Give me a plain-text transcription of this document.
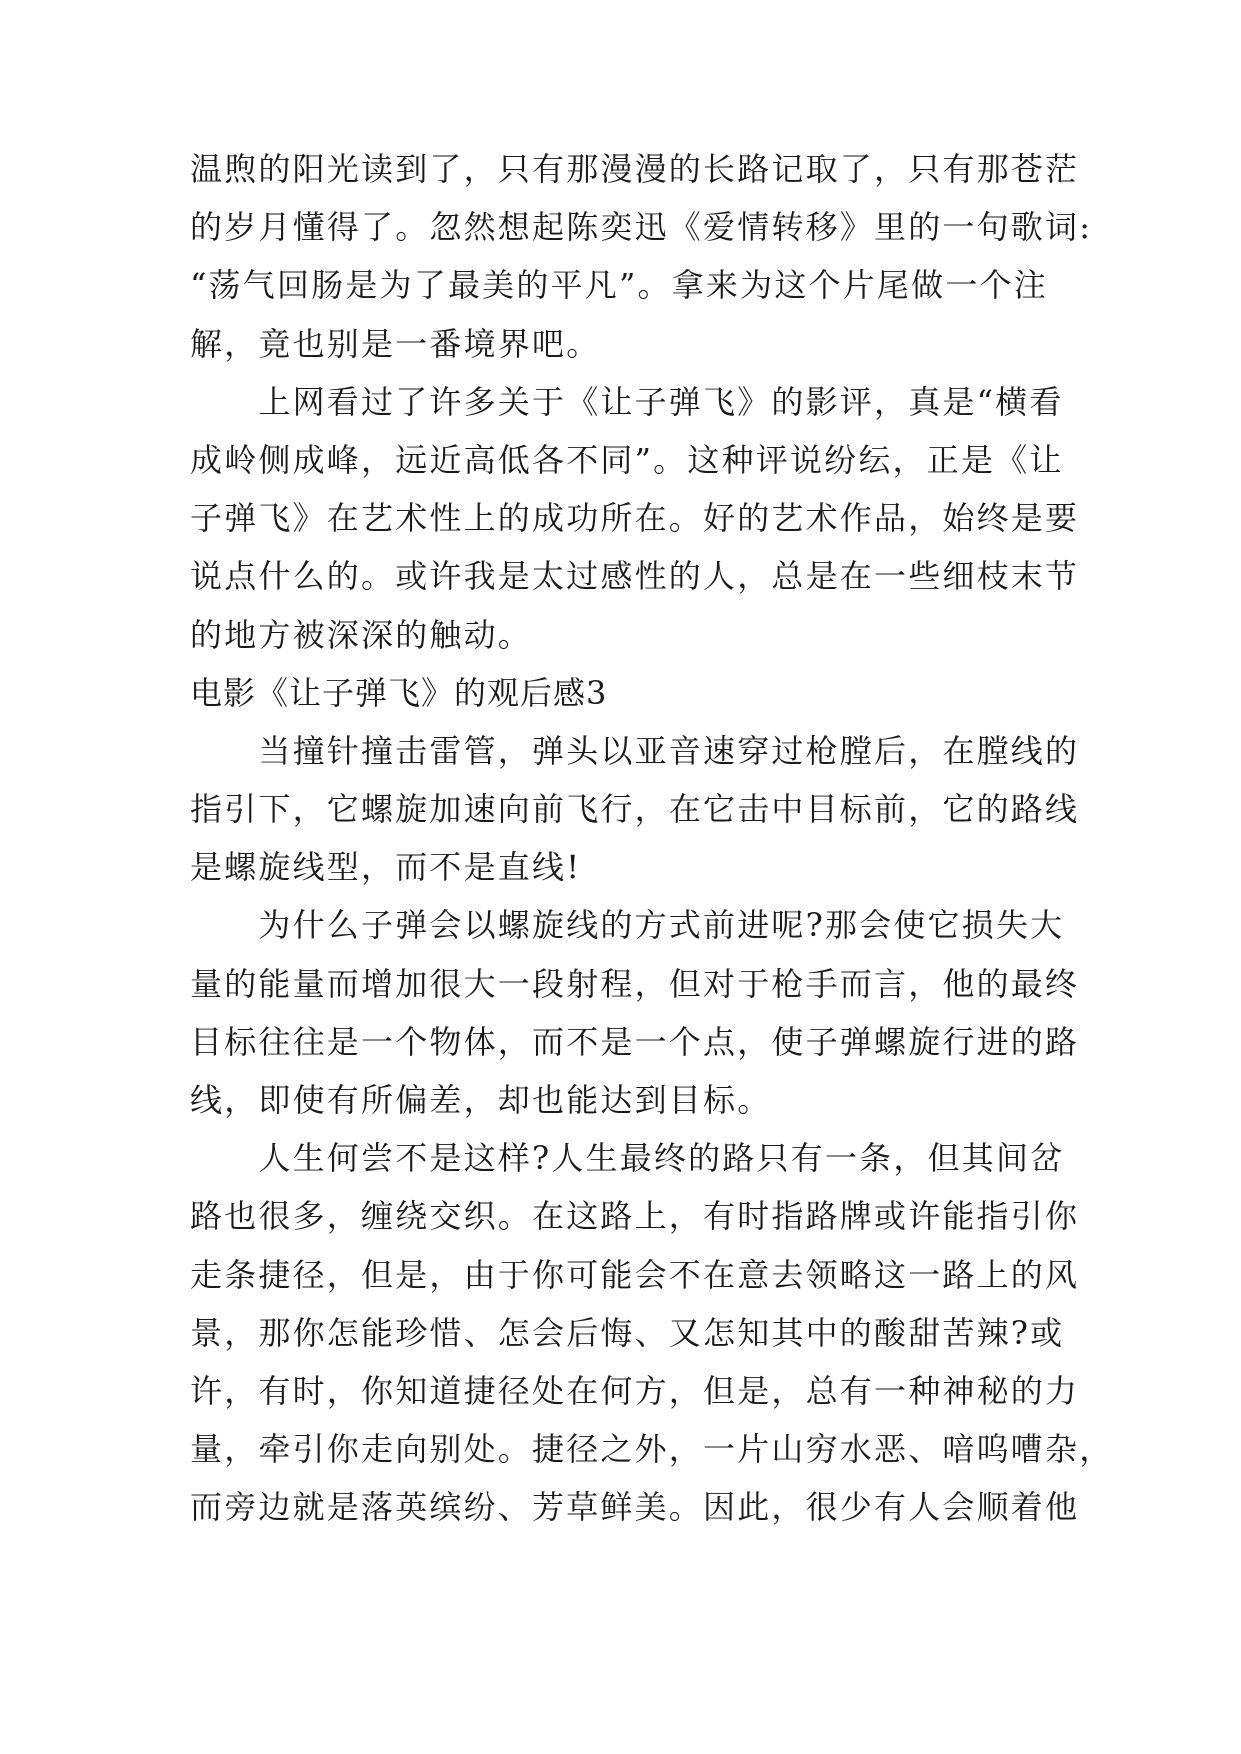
温煦的阳光读到了，只有那漫漫的长路记取了，只有那苍茫
的岁月懂得了。忽然想起陈奕迅《爱情转移》里的一句歌词:
“荡气回肠是为了最美的平凡”。拿来为这个片尾做一个注
解，竟也别是一番境界吧。
　　上网看过了许多关于《让子弹飞》的影评，真是“横看
成岭侧成峰，远近高低各不同”。这种评说纷纭，正是《让
子弹飞》在艺术性上的成功所在。好的艺术作品，始终是要
说点什么的。或许我是太过感性的人，总是在一些细枝末节
的地方被深深的触动。
电影《让子弹飞》的观后感3
　　当撞针撞击雷管，弹头以亚音速穿过枪膛后，在膛线的
指引下，它螺旋加速向前飞行，在它击中目标前，它的路线
是螺旋线型，而不是直线!
　　为什么子弹会以螺旋线的方式前进呢?那会使它损失大
量的能量而增加很大一段射程，但对于枪手而言，他的最终
目标往往是一个物体，而不是一个点，使子弹螺旋行进的路
线，即使有所偏差，却也能达到目标。
　　人生何尝不是这样?人生最终的路只有一条，但其间岔
路也很多，缠绕交织。在这路上，有时指路牌或许能指引你
走条捷径，但是，由于你可能会不在意去领略这一路上的风
景，那你怎能珍惜、怎会后悔、又怎知其中的酸甜苦辣?或
许，有时，你知道捷径处在何方，但是，总有一种神秘的力
量，牵引你走向别处。捷径之外，一片山穷水恶、喑呜嘈杂，
而旁边就是落英缤纷、芳草鲜美。因此，很少有人会顺着他
